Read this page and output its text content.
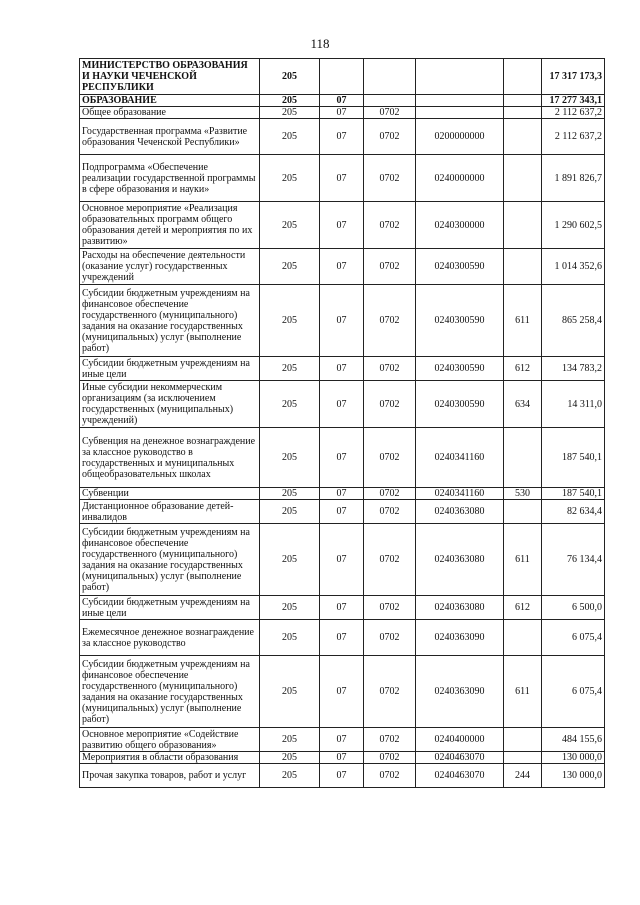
118
МИНИСТЕРСТВО ОБРАЗОВАНИЯ И НАУКИ ЧЕЧЕНСКОЙ РЕСПУБЛИКИ	205					17 317 173,3
ОБРАЗОВАНИЕ	205	07				17 277 343,1
Общее образование	205	07	0702			2 112 637,2
Государственная программа «Развитие образования Чеченской Республики»	205	07	0702	0200000000		2 112 637,2
Подпрограмма «Обеспечение реализации государственной программы в сфере образования и науки»	205	07	0702	0240000000		1 891 826,7
Основное мероприятие «Реализация образовательных программ общего образования детей и мероприятия по их развитию»	205	07	0702	0240300000		1 290 602,5
Расходы на обеспечение деятельности (оказание услуг) государственных учреждений	205	07	0702	0240300590		1 014 352,6
Субсидии бюджетным учреждениям на финансовое обеспечение государственного (муниципального) задания на оказание государственных (муниципальных) услуг (выполнение работ)	205	07	0702	0240300590	611	865 258,4
Субсидии бюджетным учреждениям на иные цели	205	07	0702	0240300590	612	134 783,2
Иные субсидии некоммерческим организациям (за исключением государственных (муниципальных) учреждений)	205	07	0702	0240300590	634	14 311,0
Субвенция на денежное вознаграждение за классное руководство в государственных и муниципальных общеобразовательных школах	205	07	0702	0240341160		187 540,1
Субвенции	205	07	0702	0240341160	530	187 540,1
Дистанционное образование детей-инвалидов	205	07	0702	0240363080		82 634,4
Субсидии бюджетным учреждениям на финансовое обеспечение государственного (муниципального) задания на оказание государственных (муниципальных) услуг (выполнение работ)	205	07	0702	0240363080	611	76 134,4
Субсидии бюджетным учреждениям на иные цели	205	07	0702	0240363080	612	6 500,0
Ежемесячное денежное вознаграждение за классное руководство	205	07	0702	0240363090		6 075,4
Субсидии бюджетным учреждениям на финансовое обеспечение государственного (муниципального) задания на оказание государственных (муниципальных) услуг (выполнение работ)	205	07	0702	0240363090	611	6 075,4
Основное мероприятие «Содействие развитию общего образования»	205	07	0702	0240400000		484 155,6
Мероприятия в области образования	205	07	0702	0240463070		130 000,0
Прочая закупка товаров, работ и услуг	205	07	0702	0240463070	244	130 000,0
